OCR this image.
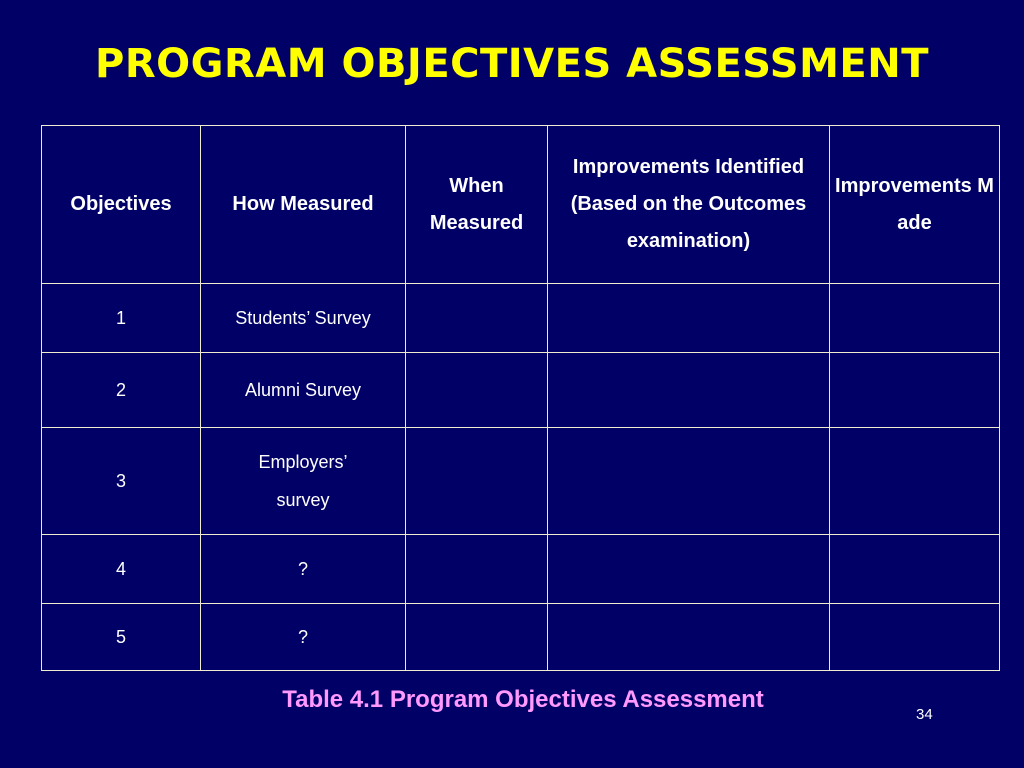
PROGRAM OBJECTIVES ASSESSMENT
Objectives	How Measured	When Measured	Improvements Identified (Based on the Outcomes examination)	Improvements Made

1	Students’ Survey			
2	Alumni Survey			
3	Employers’ survey			
4	?			
5	?			
Table 4.1 Program Objectives Assessment
34
